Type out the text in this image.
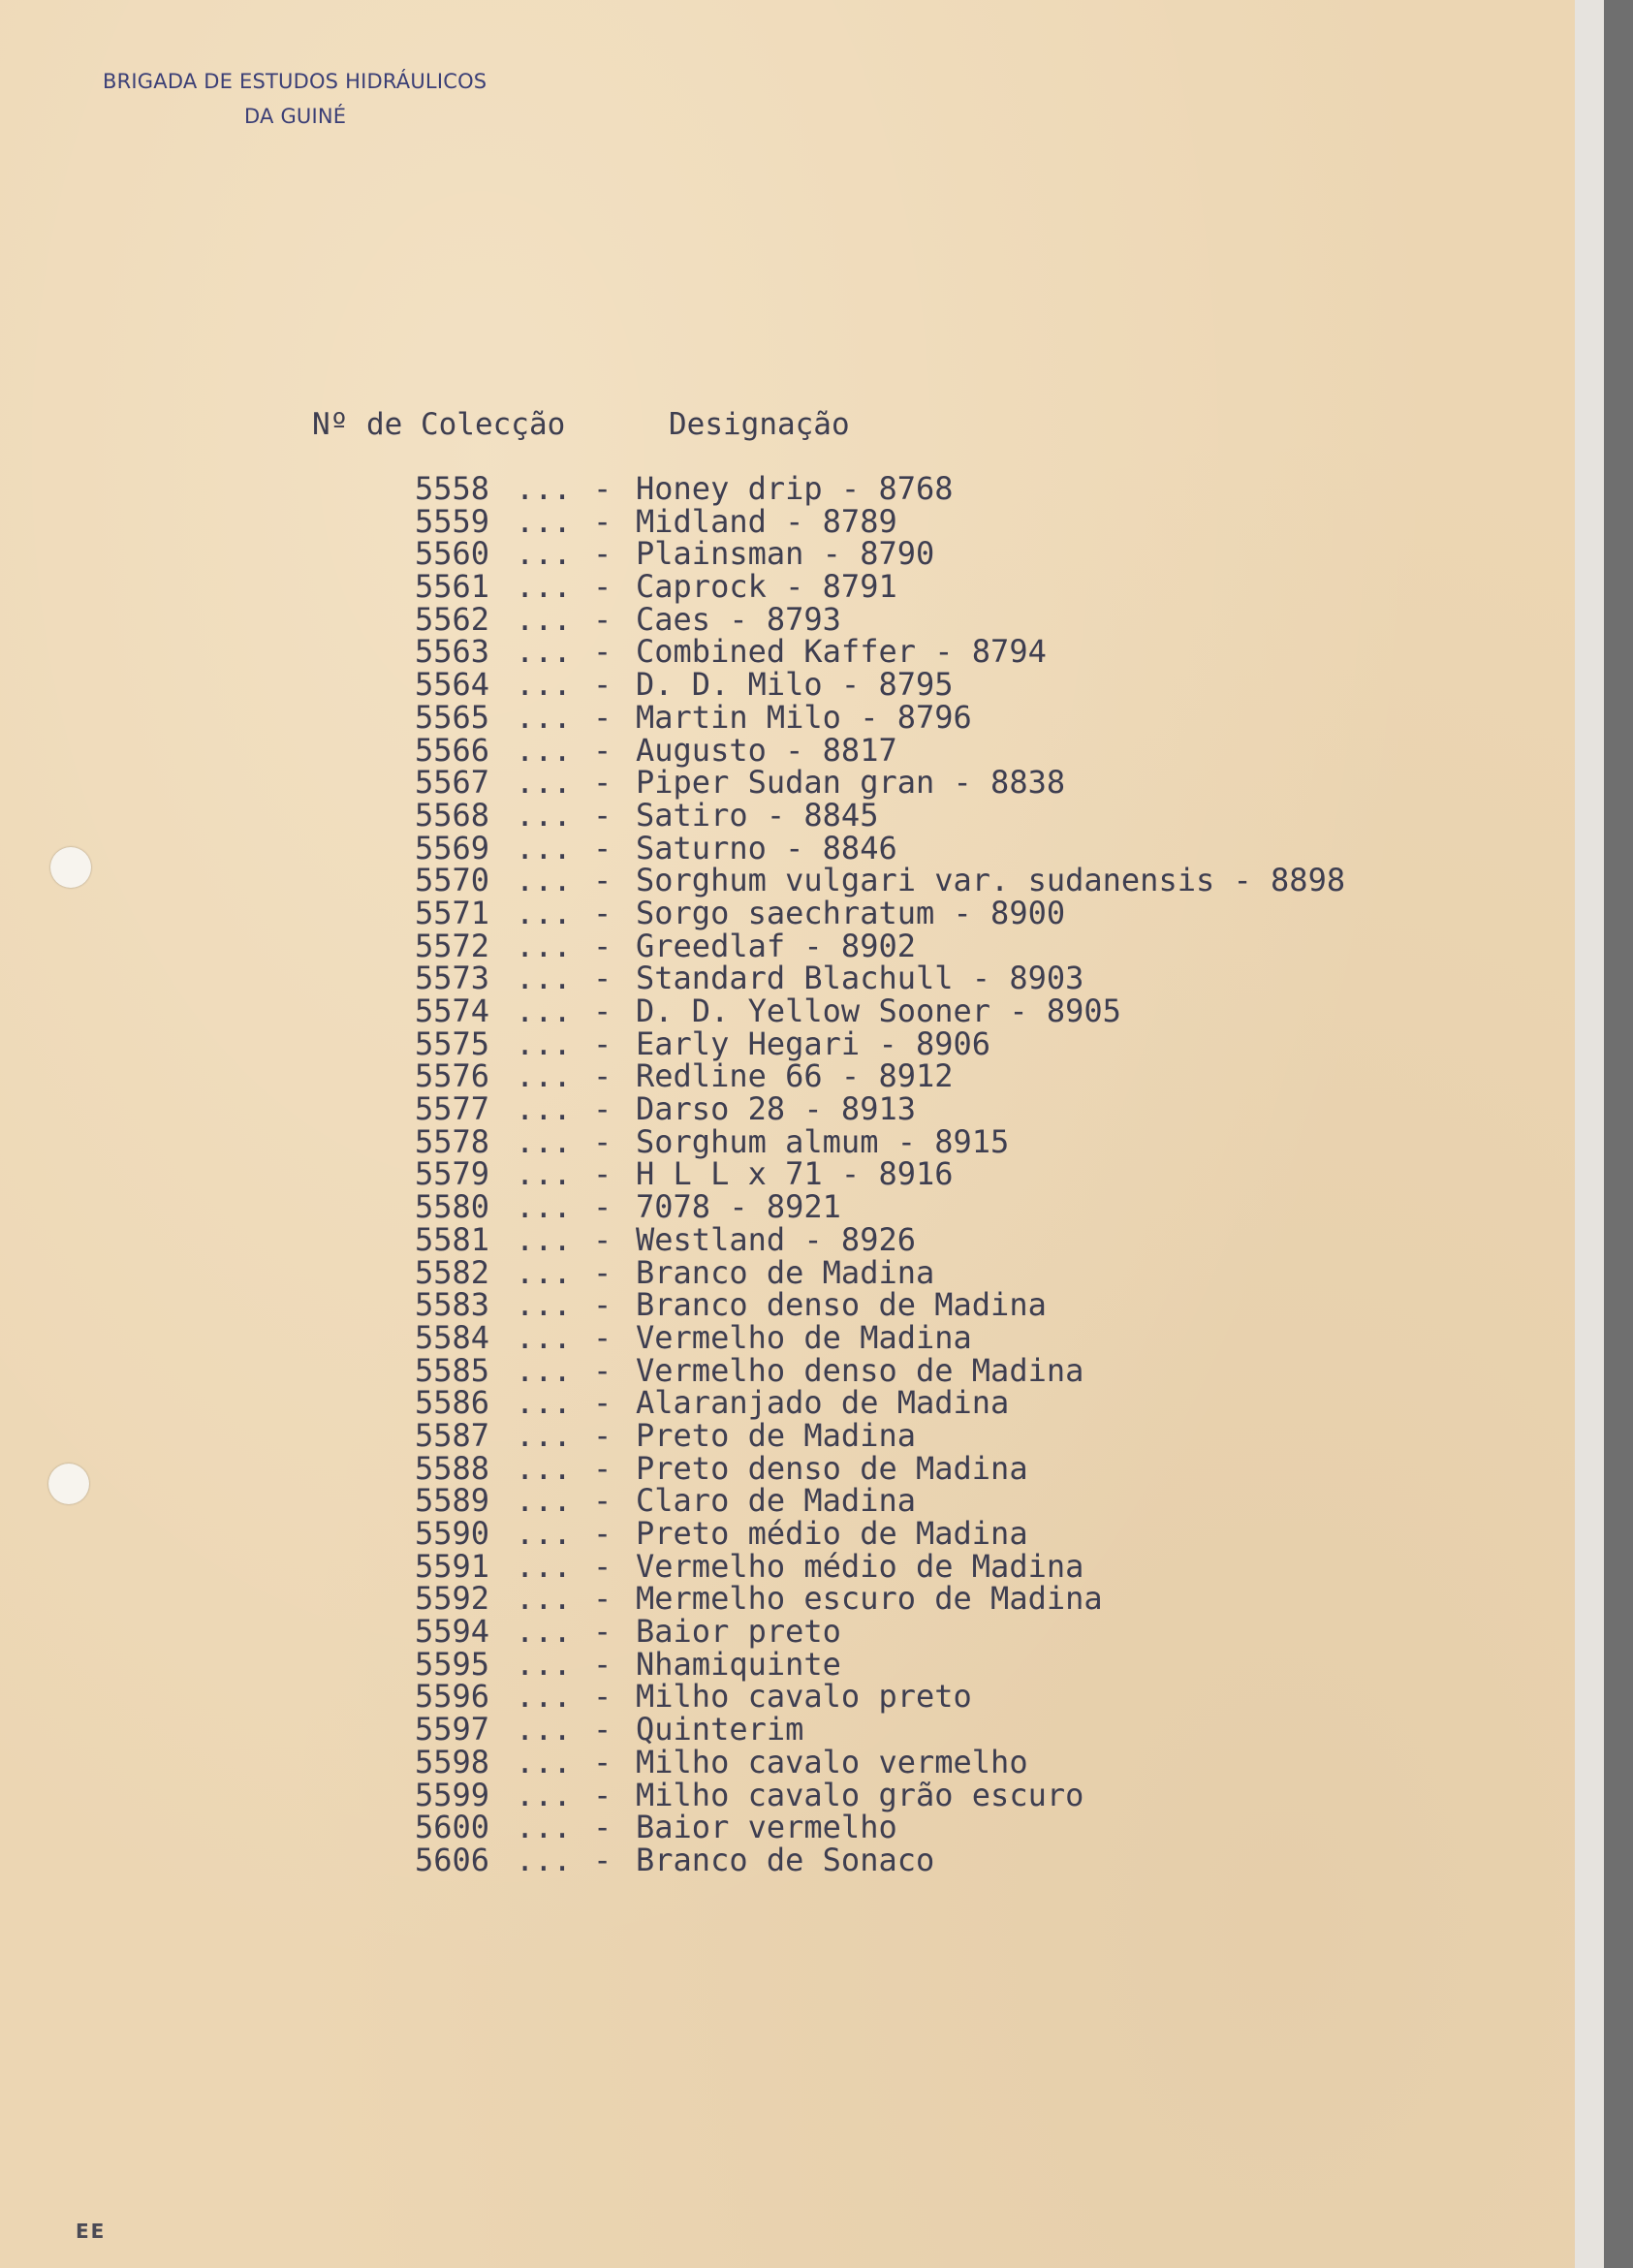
BRIGADA DE ESTUDOS HIDRÁULICOS
DA GUINÉ
Nº de Colecção	Designação
5558 ... - Honey drip - 8768
5559 ... - Midland - 8789
5560 ... - Plainsman - 8790
5561 ... - Caprock - 8791
5562 ... - Caes - 8793
5563 ... - Combined Kaffer - 8794
5564 ... - D. D. Milo - 8795
5565 ... - Martin Milo - 8796
5566 ... - Augusto - 8817
5567 ... - Piper Sudan gran - 8838
5568 ... - Satiro - 8845
5569 ... - Saturno - 8846
5570 ... - Sorghum vulgari var. sudanensis - 8898
5571 ... - Sorgo saechratum - 8900
5572 ... - Greedlaf - 8902
5573 ... - Standard Blachull - 8903
5574 ... - D. D. Yellow Sooner - 8905
5575 ... - Early Hegari - 8906
5576 ... - Redline 66 - 8912
5577 ... - Darso 28 - 8913
5578 ... - Sorghum almum - 8915
5579 ... - H L L x 71 - 8916
5580 ... - 7078 - 8921
5581 ... - Westland - 8926
5582 ... - Branco de Madina
5583 ... - Branco denso de Madina
5584 ... - Vermelho de Madina
5585 ... - Vermelho denso de Madina
5586 ... - Alaranjado de Madina
5587 ... - Preto de Madina
5588 ... - Preto denso de Madina
5589 ... - Claro de Madina
5590 ... - Preto médio de Madina
5591 ... - Vermelho médio de Madina
5592 ... - Mermelho escuro de Madina
5594 ... - Baior preto
5595 ... - Nhamiquinte
5596 ... - Milho cavalo preto
5597 ... - Quinterim
5598 ... - Milho cavalo vermelho
5599 ... - Milho cavalo grão escuro
5600 ... - Baior vermelho
5606 ... - Branco de Sonaco
EE
